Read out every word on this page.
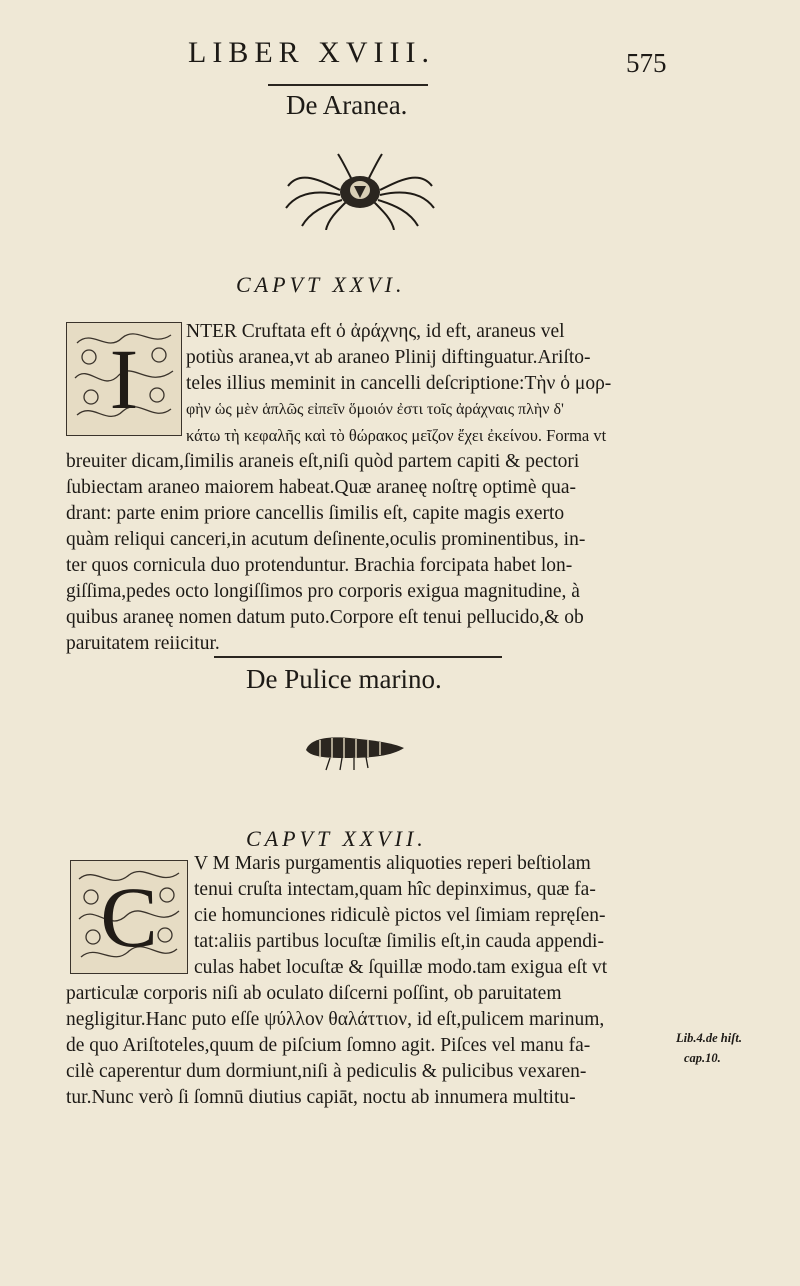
LIBER XVIII.	575
De Aranea.
CAPVT XXVI.
I	NTER Cruftata eft ὁ ἀράχνης, id eft, araneus vel
potiùs aranea,vt ab araneo Plinij diftinguatur.Ariſto-
teles illius meminit in cancelli deſcriptione:Τὴν ὁ μορ-
φὴν ὡς μὲν ἁπλῶς εἰπεῖν ὅμοιόν ἐστι τοῖς ἀράχναις πλὴν δ'
κάτω τὴ κεφαλῆς καὶ τὸ θώρακος μεῖζον ἔχει ἐκείνου. Forma vt
breuiter dicam,ſimilis araneis eſt,niſi quòd partem capiti & pectori
ſubiectam araneo maiorem habeat.Quæ araneę noſtrę optimè qua-
drant: parte enim priore cancellis ſimilis eſt, capite magis exerto
quàm reliqui canceri,in acutum deſinente,oculis prominentibus, in-
ter quos cornicula duo protenduntur. Brachia forcipata habet lon-
giſſima,pedes octo longiſſimos pro corporis exigua magnitudine, à
quibus araneę nomen datum puto.Corpore eſt tenui pellucido,& ob
paruitatem reiicitur.
De Pulice marino.
CAPVT XXVII.
C
V M Maris purgamentis aliquoties reperi beſtiolam
tenui cruſta intectam,quam hîc depinximus, quæ fa-
cie homunciones ridiculè pictos vel ſimiam repręſen-
tat:aliis partibus locuſtæ ſimilis eſt,in cauda appendi-
culas habet locuſtæ & ſquillæ modo.tam exigua eſt vt
particulæ corporis niſi ab oculato diſcerni poſſint, ob paruitatem
negligitur.Hanc puto eſſe ψύλλον θαλάττιον, id eſt,pulicem marinum,
de quo Ariſtoteles,quum de piſcium ſomno agit. Piſces vel manu fa-
cilè caperentur dum dormiunt,niſi à pediculis & pulicibus vexaren-
tur.Nunc verò ſi ſomnū diutius capiāt, noctu ab innumera multitu-
Lib.4.de hiſt.
cap.10.
